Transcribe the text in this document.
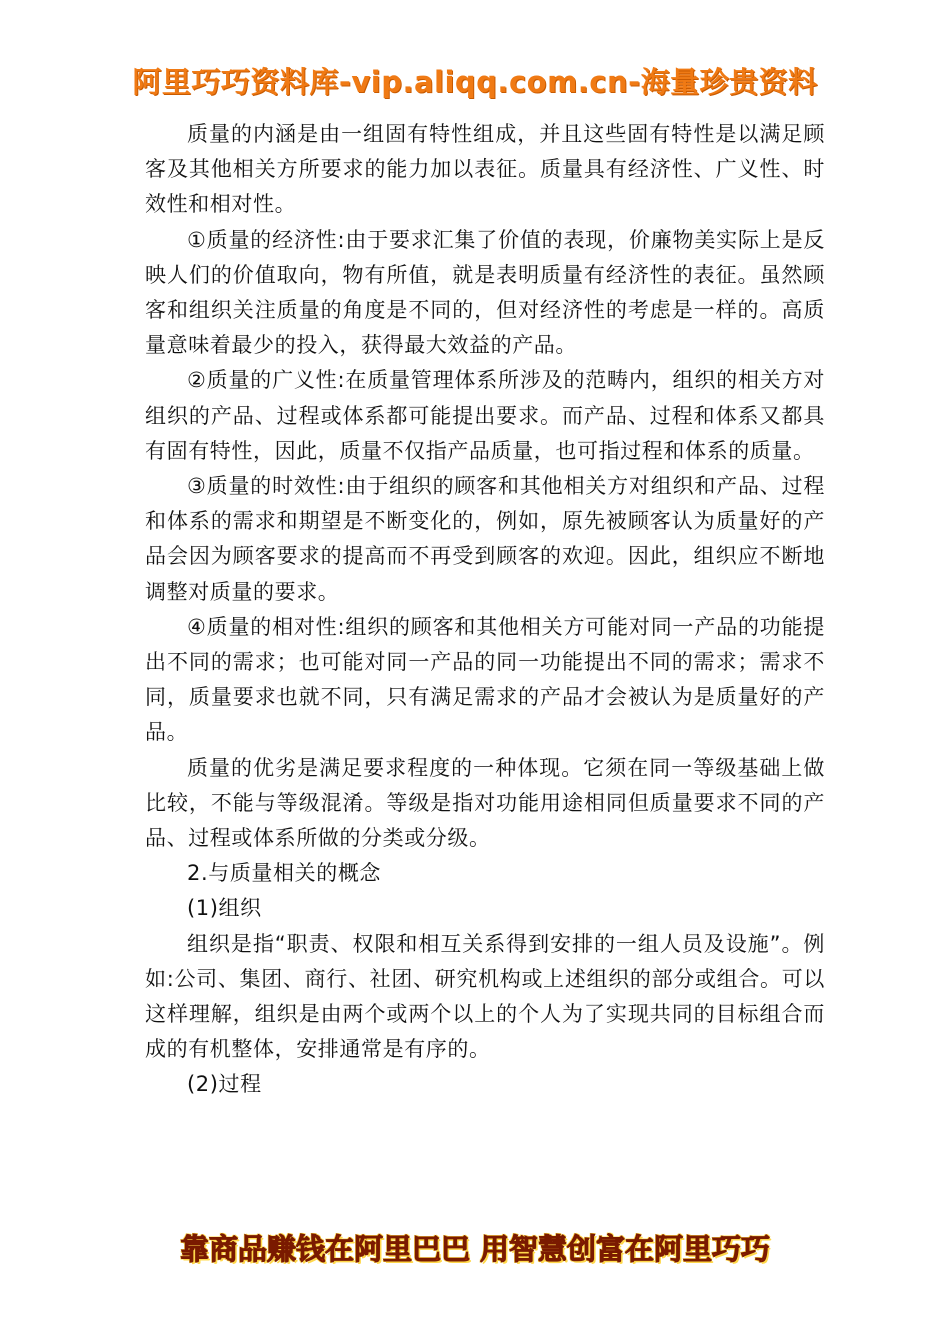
阿里巧巧资料库-vip.aliqq.com.cn-海量珍贵资料

质量的内涵是由一组固有特性组成，并且这些固有特性是以满足顾客及其他相关方所要求的能力加以表征。质量具有经济性、广义性、时效性和相对性。

①质量的经济性:由于要求汇集了价值的表现，价廉物美实际上是反映人们的价值取向，物有所值，就是表明质量有经济性的表征。虽然顾客和组织关注质量的角度是不同的，但对经济性的考虑是一样的。高质量意味着最少的投入，获得最大效益的产品。

②质量的广义性:在质量管理体系所涉及的范畴内，组织的相关方对组织的产品、过程或体系都可能提出要求。而产品、过程和体系又都具有固有特性，因此，质量不仅指产品质量，也可指过程和体系的质量。

③质量的时效性:由于组织的顾客和其他相关方对组织和产品、过程和体系的需求和期望是不断变化的，例如，原先被顾客认为质量好的产品会因为顾客要求的提高而不再受到顾客的欢迎。因此，组织应不断地调整对质量的要求。

④质量的相对性:组织的顾客和其他相关方可能对同一产品的功能提出不同的需求；也可能对同一产品的同一功能提出不同的需求；需求不同，质量要求也就不同，只有满足需求的产品才会被认为是质量好的产品。

质量的优劣是满足要求程度的一种体现。它须在同一等级基础上做比较，不能与等级混淆。等级是指对功能用途相同但质量要求不同的产品、过程或体系所做的分类或分级。

2.与质量相关的概念

(1)组织

组织是指“职责、权限和相互关系得到安排的一组人员及设施”。例如:公司、集团、商行、社团、研究机构或上述组织的部分或组合。可以这样理解，组织是由两个或两个以上的个人为了实现共同的目标组合而成的有机整体，安排通常是有序的。

(2)过程

靠商品赚钱在阿里巴巴 用智慧创富在阿里巧巧
